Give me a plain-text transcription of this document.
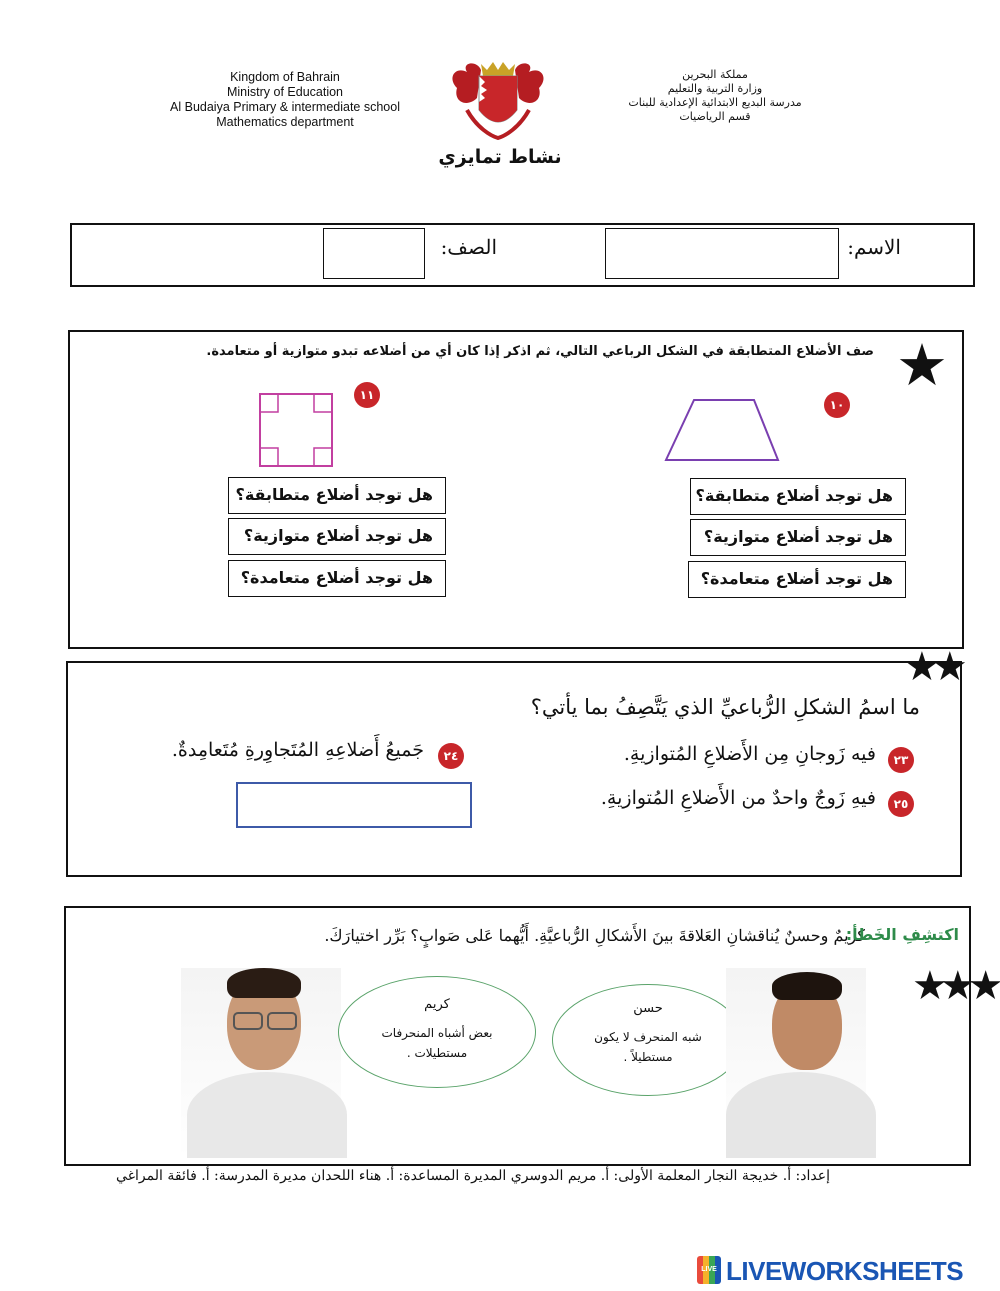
Kingdom of Bahrain
Ministry of Education
Al Budaiya Primary & intermediate school
Mathematics department
مملكة البحرين
وزارة التربية والتعليم
مدرسة البديع الابتدائية الإعدادية للبنات
قسم الرياضيات
نشاط تمايزي
الاسم:
الصف:
صف الأضلاع المتطابقة في الشكل الرباعي التالي، ثم اذكر إذا كان أي من أضلاعه تبدو متوازية أو متعامدة.
١٠
١١
هل توجد أضلاع متطابقة؟
هل توجد أضلاع متوازية؟
هل توجد أضلاع متعامدة؟
هل توجد أضلاع متطابقة؟
هل توجد أضلاع متوازية؟
هل توجد أضلاع متعامدة؟
★
ما اسمُ الشكلِ الرُّباعيِّ الذي يَتَّصِفُ بما يأتي؟
٢٣
فيه زَوجانِ مِن الأَضلاعِ المُتوازيةِ.
٢٥
فيهِ زَوجٌ واحدٌ من الأَضلاعِ المُتوازيةِ.
٢٤
جَميعُ أَضلاعِهِ المُتَجاوِرةِ مُتَعامِدةٌ.
★★
كريمٌ وحسنٌ يُناقشانِ العَلاقةَ بينَ الأَشكالِ الرُّباعيَّةِ. أَيُّهما عَلى صَوابٍ؟ بَرِّر اختيارَكَ.
اكتشِفِ الخَطأ:
كريم
بعض أشباه المنحرفات مستطيلات .
حسن
شبه المنحرف لا يكون مستطيلاً .
★★★
إعداد: أ. خديجة النجار المعلمة الأولى: أ. مريم الدوسري المديرة المساعدة: أ. هناء اللحدان مديرة المدرسة: أ. فائقة المراغي
LIVE LIVEWORKSHEETS
